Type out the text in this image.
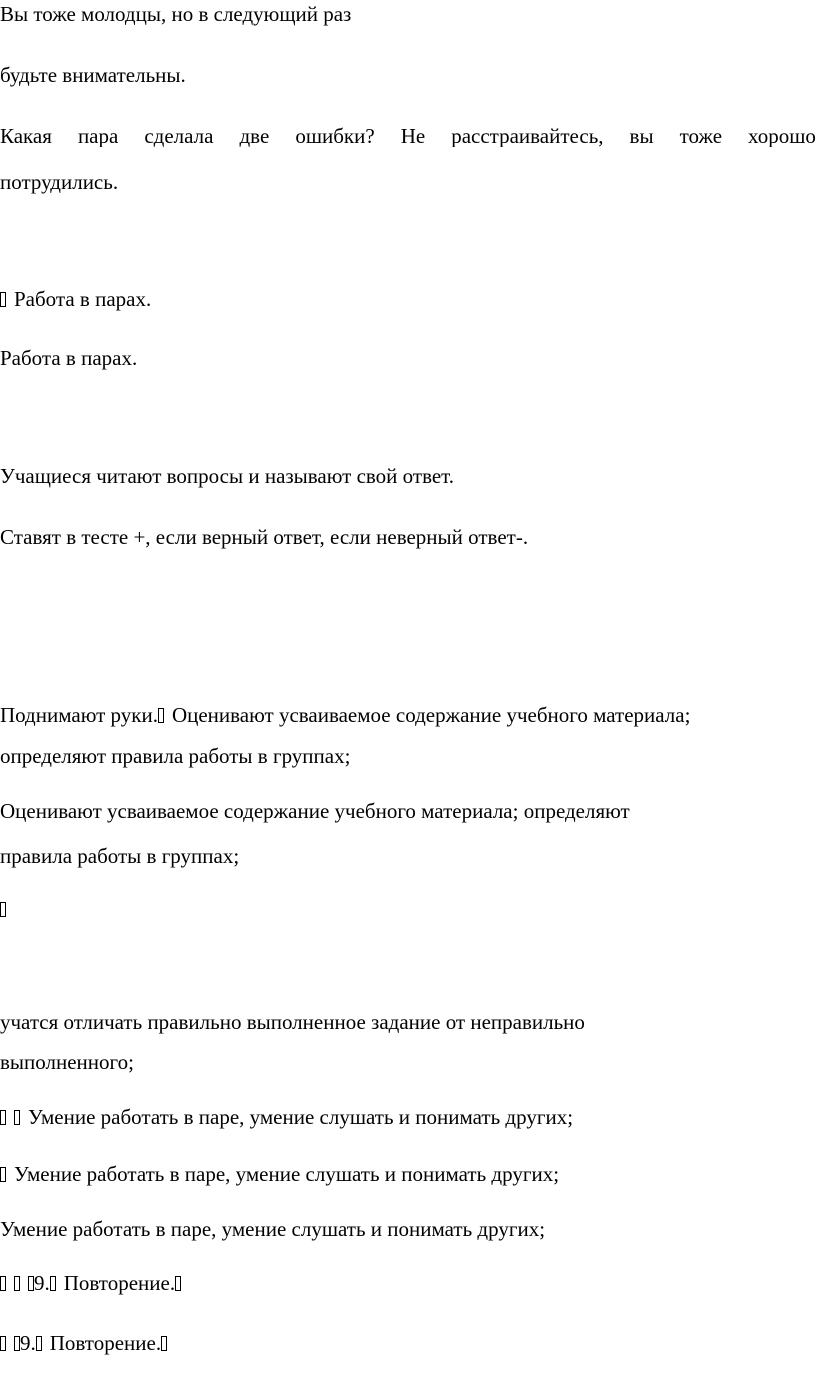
Вы тоже молодцы, но в следующий раз
будьте внимательны.
Какая пара сделала две ошибки? Не расстраивайтесь, вы тоже хорошо
потрудились.
Работа в парах.
Работа в парах.
Учащиеся читают вопросы и называют свой ответ.
Ставят в тесте +, если верный ответ, если неверный ответ-.
Поднимают руки. Оценивают усваиваемое содержание учебного материала;
определяют правила работы в группах;
Оценивают усваиваемое содержание учебного материала; определяют
правила работы в группах;
учатся отличать правильно выполненное задание от неправильно
выполненного;
Умение работать в паре, умение слушать и понимать других;
Умение работать в паре, умение слушать и понимать других;
Умение работать в паре, умение слушать и понимать других;
9. Повторение.
9. Повторение.
